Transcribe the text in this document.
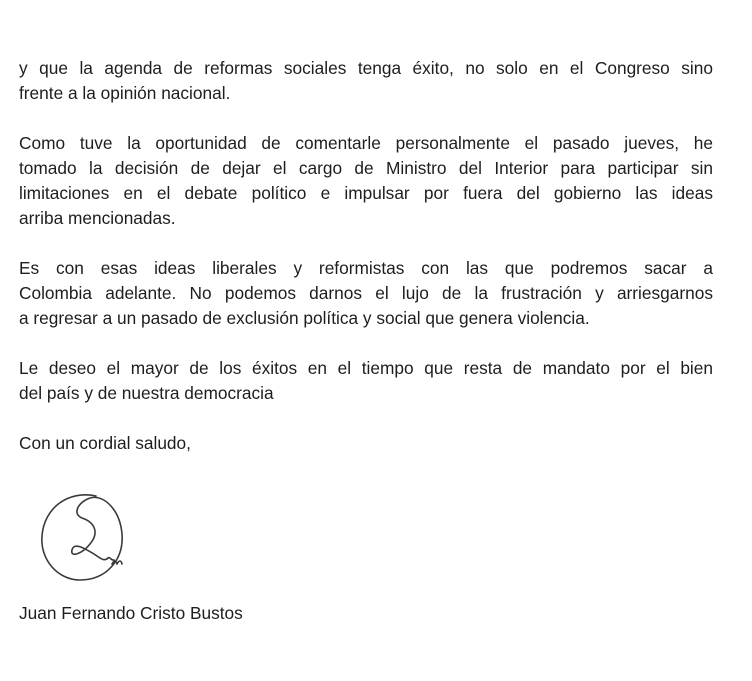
y que la agenda de reformas sociales tenga éxito, no solo en el Congreso sino
frente a la opinión nacional.

Como tuve la oportunidad de comentarle personalmente el pasado jueves, he
tomado la decisión de dejar el cargo de Ministro del Interior para participar sin
limitaciones en el debate político e impulsar por fuera del gobierno las ideas
arriba mencionadas.

Es con esas ideas liberales y reformistas con las que podremos sacar a
Colombia adelante. No podemos darnos el lujo de la frustración y arriesgarnos
a regresar a un pasado de exclusión política y social que genera violencia.

Le deseo el mayor de los éxitos en el tiempo que resta de mandato por el bien
del país y de nuestra democracia

Con un cordial saludo,

Juan Fernando Cristo Bustos
